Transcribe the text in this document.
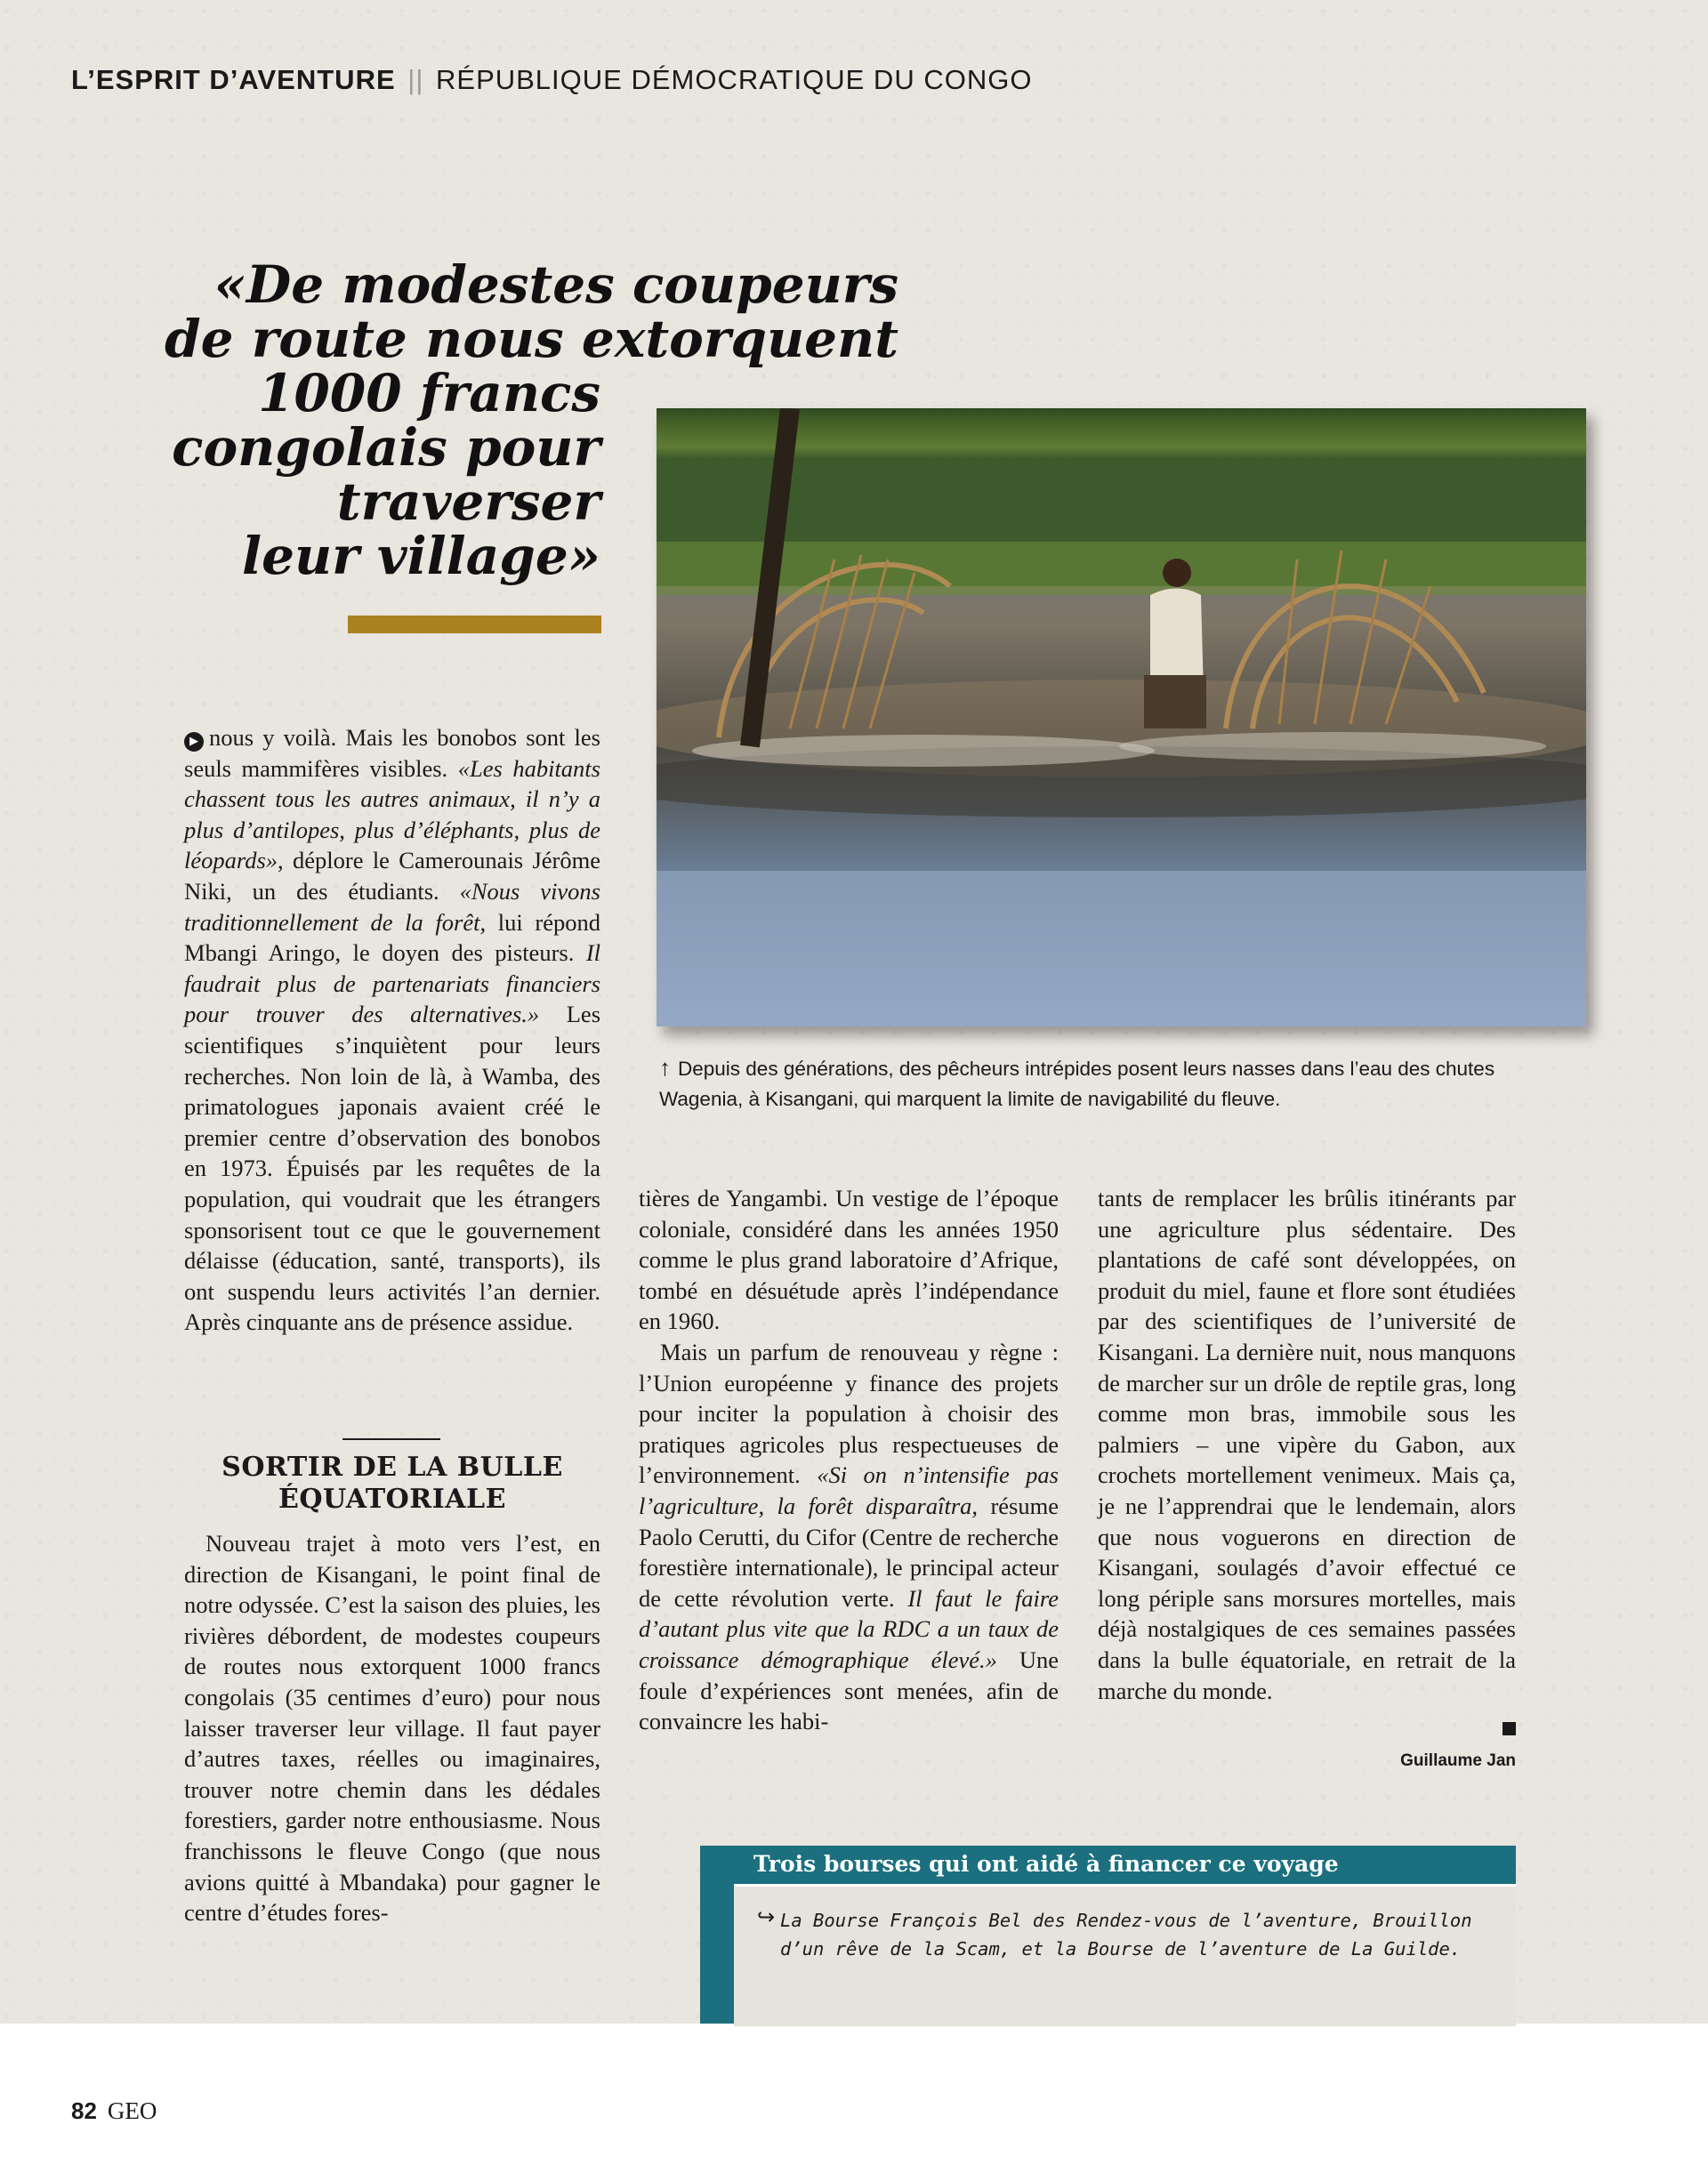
L’ESPRIT D’AVENTURE || RÉPUBLIQUE DÉMOCRATIQUE DU CONGO
«De modestes coupeurs
de route nous extorquent
1000 francs
congolais pour
traverser
leur village»

↑ Depuis des générations, des pêcheurs intrépides posent leurs nasses dans l’eau des chutes Wagenia, à Kisangani, qui marquent la limite de navigabilité du fleuve.

▶ nous y voilà. Mais les bonobos sont les seuls mammifères visibles. «Les habitants chassent tous les autres animaux, il n’y a plus d’antilopes, plus d’éléphants, plus de léopards», déplore le Camerounais Jérôme Niki, un des étudiants. «Nous vivons traditionnellement de la forêt, lui répond Mbangi Aringo, le doyen des pisteurs. Il faudrait plus de partenariats financiers pour trouver des alternatives.» Les scientifiques s’inquiètent pour leurs recherches. Non loin de là, à Wamba, des primatologues japonais avaient créé le premier centre d’observation des bonobos en 1973. Épuisés par les requêtes de la population, qui voudrait que les étrangers sponsorisent tout ce que le gouvernement délaisse (éducation, santé, transports), ils ont suspendu leurs activités l’an dernier. Après cinquante ans de présence assidue.

SORTIR DE LA BULLE ÉQUATORIALE

Nouveau trajet à moto vers l’est, en direction de Kisangani, le point final de notre odyssée. C’est la saison des pluies, les rivières débordent, de modestes coupeurs de routes nous extorquent 1000 francs congolais (35 centimes d’euro) pour nous laisser traverser leur village. Il faut payer d’autres taxes, réelles ou imaginaires, trouver notre chemin dans les dédales forestiers, garder notre enthousiasme. Nous franchissons le fleuve Congo (que nous avions quitté à Mbandaka) pour gagner le centre d’études fores-

tières de Yangambi. Un vestige de l’époque coloniale, considéré dans les années 1950 comme le plus grand laboratoire d’Afrique, tombé en désuétude après l’indépendance en 1960.

Mais un parfum de renouveau y règne : l’Union européenne y finance des projets pour inciter la population à choisir des pratiques agricoles plus respectueuses de l’environnement. «Si on n’intensifie pas l’agriculture, la forêt disparaîtra, résume Paolo Cerutti, du Cifor (Centre de recherche forestière internationale), le principal acteur de cette révolution verte. Il faut le faire d’autant plus vite que la RDC a un taux de croissance démographique élevé.» Une foule d’expériences sont menées, afin de convaincre les habi-

tants de remplacer les brûlis itinérants par une agriculture plus sédentaire. Des plantations de café sont développées, on produit du miel, faune et flore sont étudiées par des scientifiques de l’université de Kisangani. La dernière nuit, nous manquons de marcher sur un drôle de reptile gras, long comme mon bras, immobile sous les palmiers – une vipère du Gabon, aux crochets mortellement venimeux. Mais ça, je ne l’apprendrai que le lendemain, alors que nous voguerons en direction de Kisangani, soulagés d’avoir effectué ce long périple sans morsures mortelles, mais déjà nostalgiques de ces semaines passées dans la bulle équatoriale, en retrait de la marche du monde.

Guillaume Jan

Trois bourses qui ont aidé à financer ce voyage

↪ La Bourse François Bel des Rendez-vous de l’aventure, Brouillon d’un rêve de la Scam, et la Bourse de l’aventure de La Guilde.

82 GEO
